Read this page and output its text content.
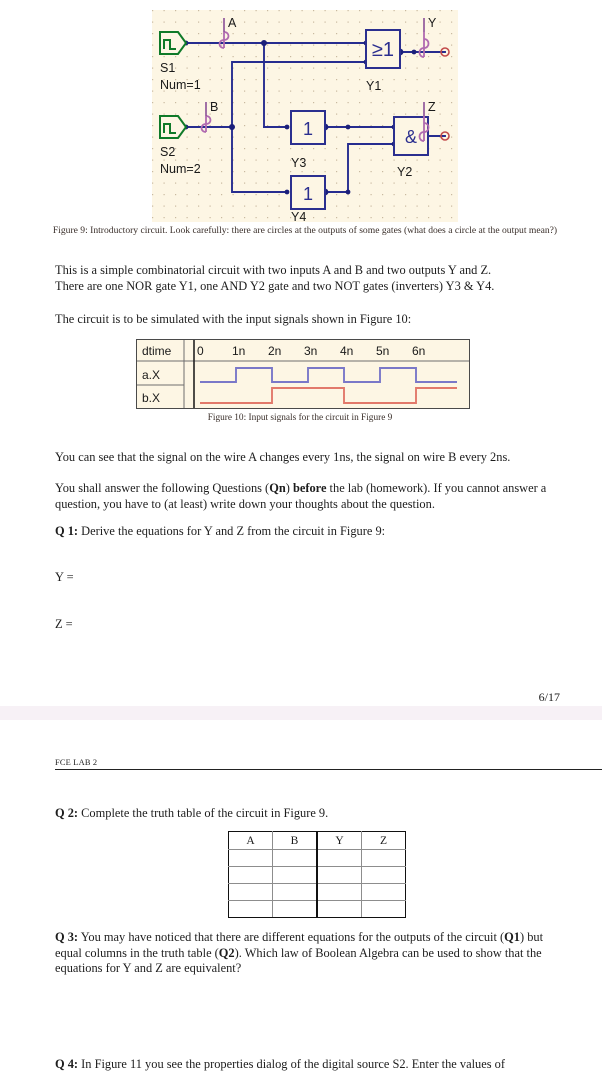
≥1
&
1
1
A
B
Y
Z
S1
Num=1
S2
Num=2
Y1
Y2
Y3
Y4
Figure 9: Introductory circuit. Look carefully: there are circles at the outputs of some gates (what does a circle at the output mean?)
This is a simple combinatorial circuit with two inputs A and B and two outputs Y and Z.
There are one NOR gate Y1, one AND Y2 gate and two NOT gates (inverters) Y3 & Y4.
The circuit is to be simulated with the input signals shown in Figure 10:
dtime
a.X
b.X
0 1n 2n 3n 4n 5n 6n
Figure 10: Input signals for the circuit in Figure 9
You can see that the signal on the wire A changes every 1ns, the signal on wire B every 2ns.
You shall answer the following Questions (Qn) before the lab (homework). If you cannot answer a question, you have to (at least) write down your thoughts about the question.
Q 1: Derive the equations for Y and Z from the circuit in Figure 9:
Y =
Z =
6/17
FCE LAB 2
Q 2: Complete the truth table of the circuit in Figure 9.
A	B	Y	Z

Q 3: You may have noticed that there are different equations for the outputs of the circuit (Q1) but equal columns in the truth table (Q2). Which law of Boolean Algebra can be used to show that the equations for Y and Z are equivalent?
Q 4: In Figure 11 you see the properties dialog of the digital source S2. Enter the values of
